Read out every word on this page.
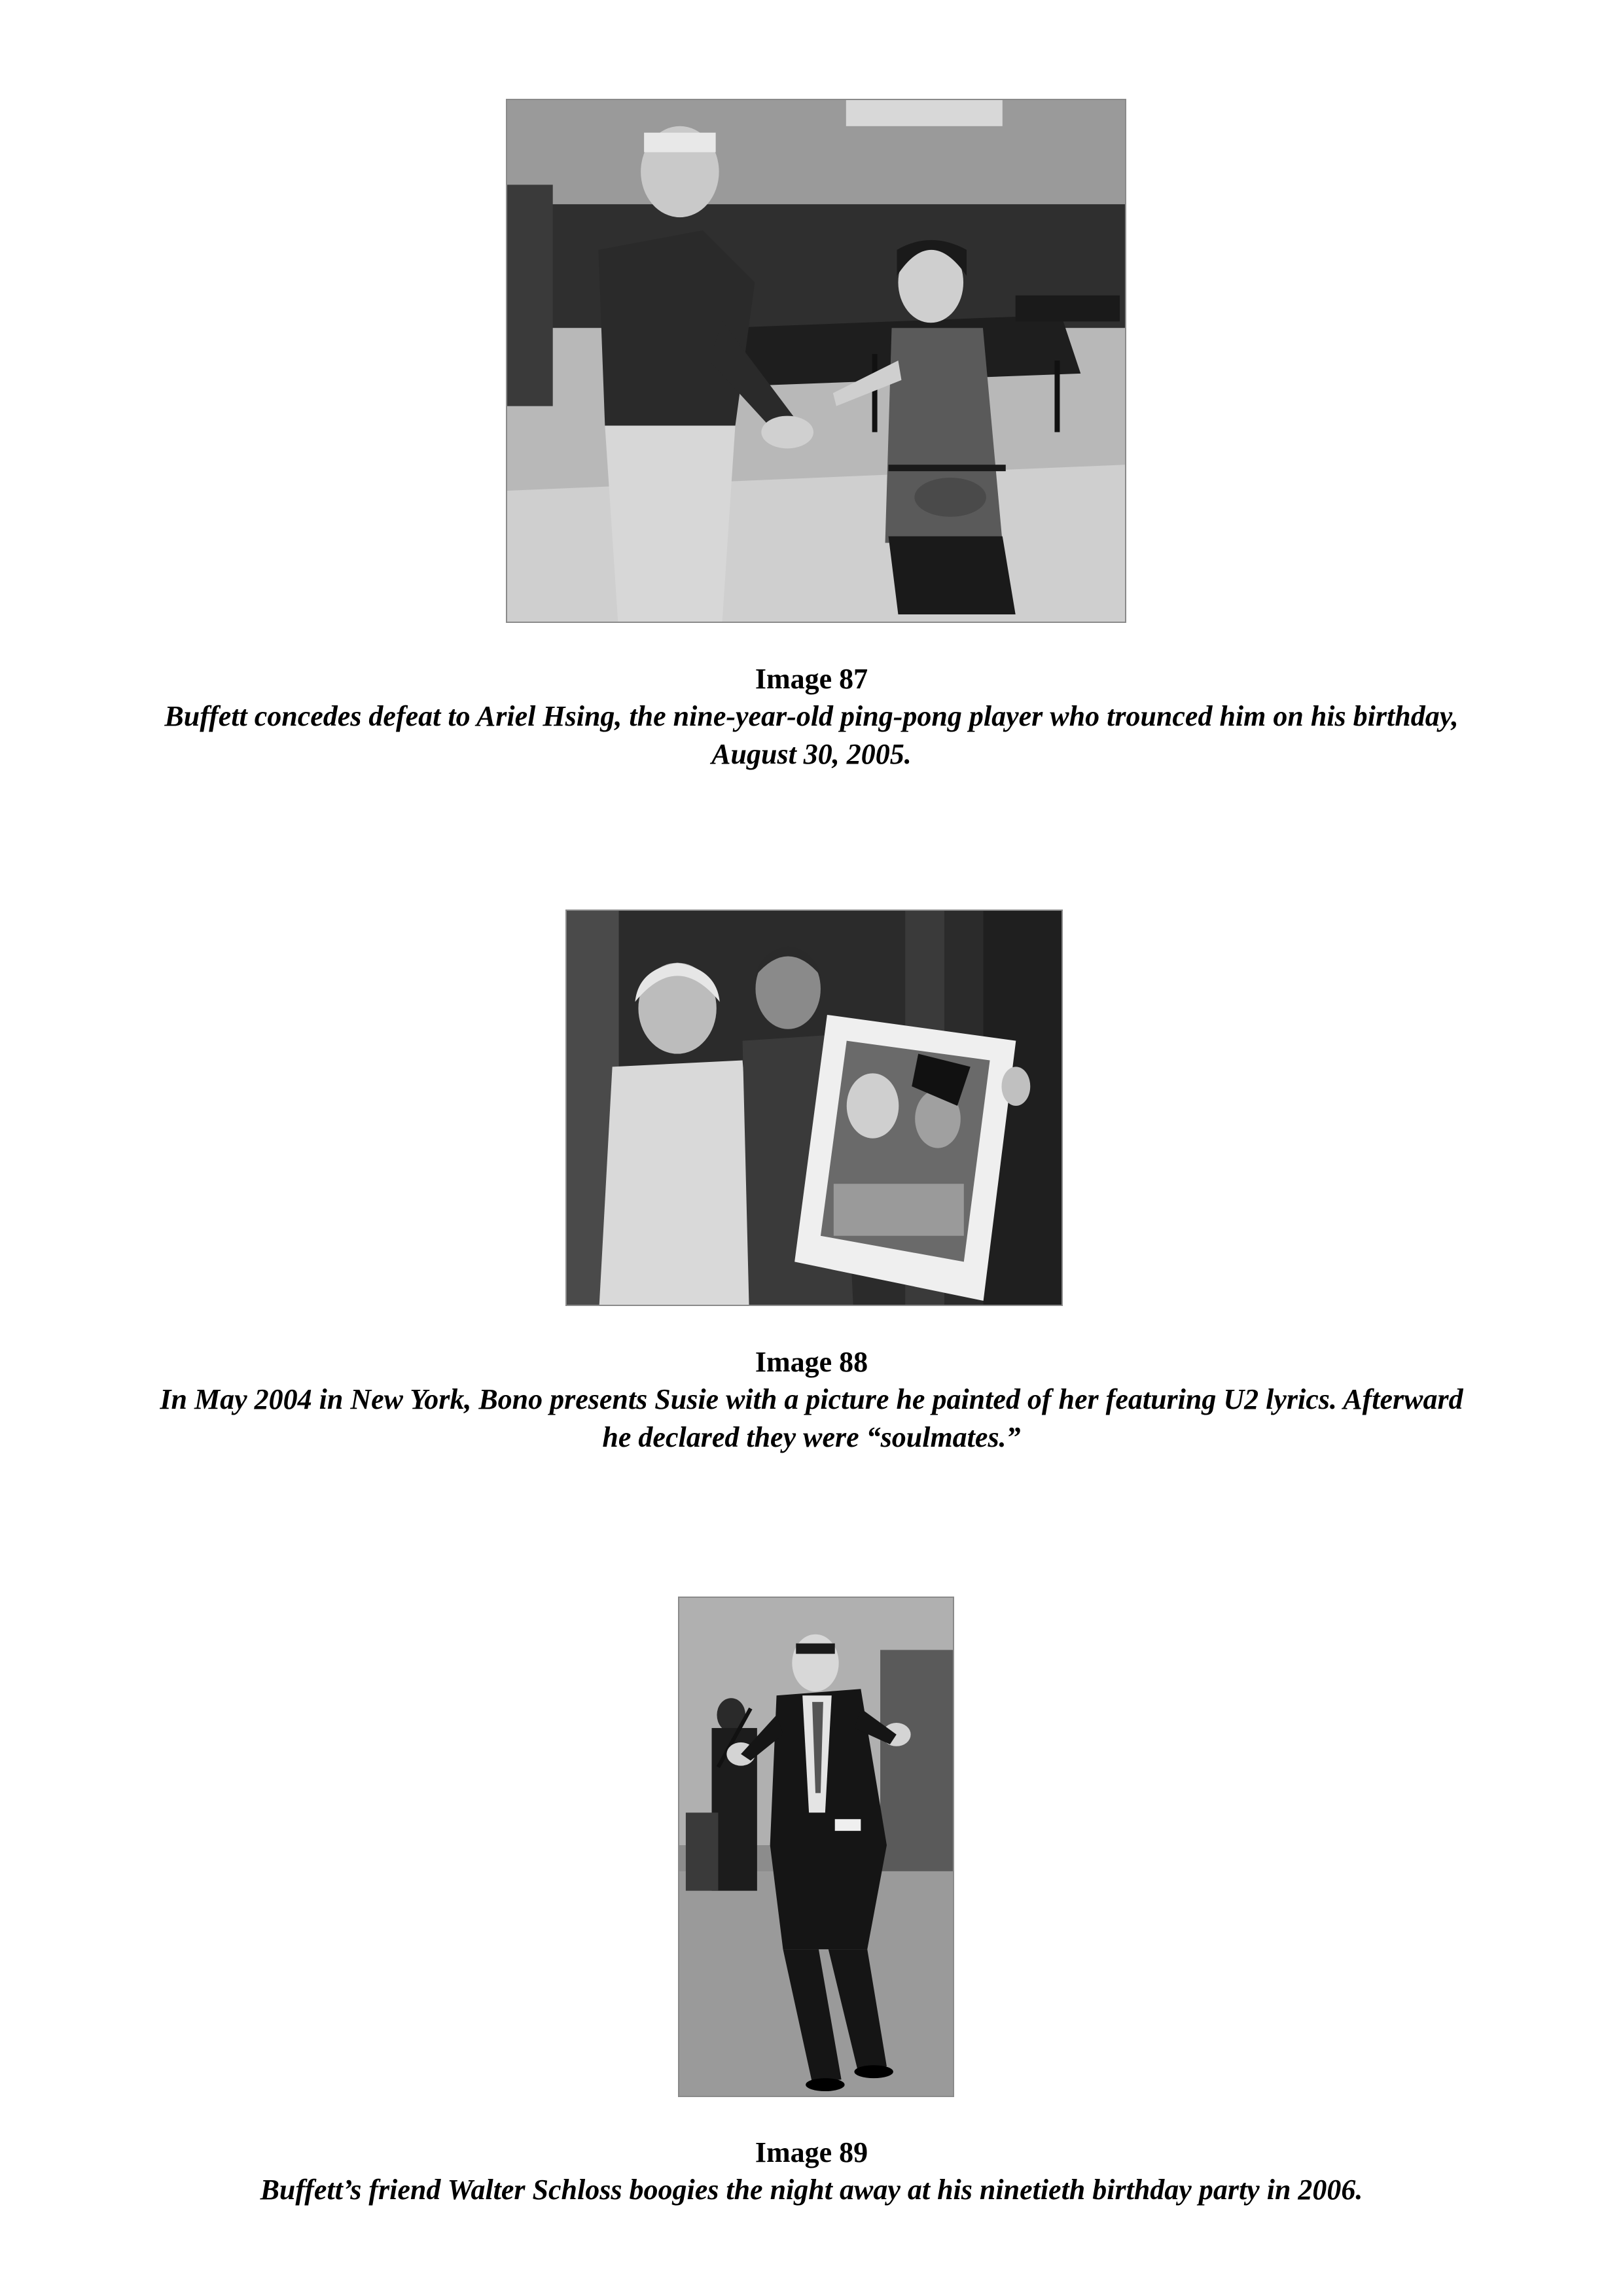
Image 87
Buffett concedes defeat to Ariel Hsing, the nine-year-old ping-pong player who trounced him on his birthday, August 30, 2005.
Image 88
In May 2004 in New York, Bono presents Susie with a picture he painted of her featuring U2 lyrics. Afterward he declared they were “soulmates.”
Image 89
Buffett’s friend Walter Schloss boogies the night away at his ninetieth birthday party in 2006.
